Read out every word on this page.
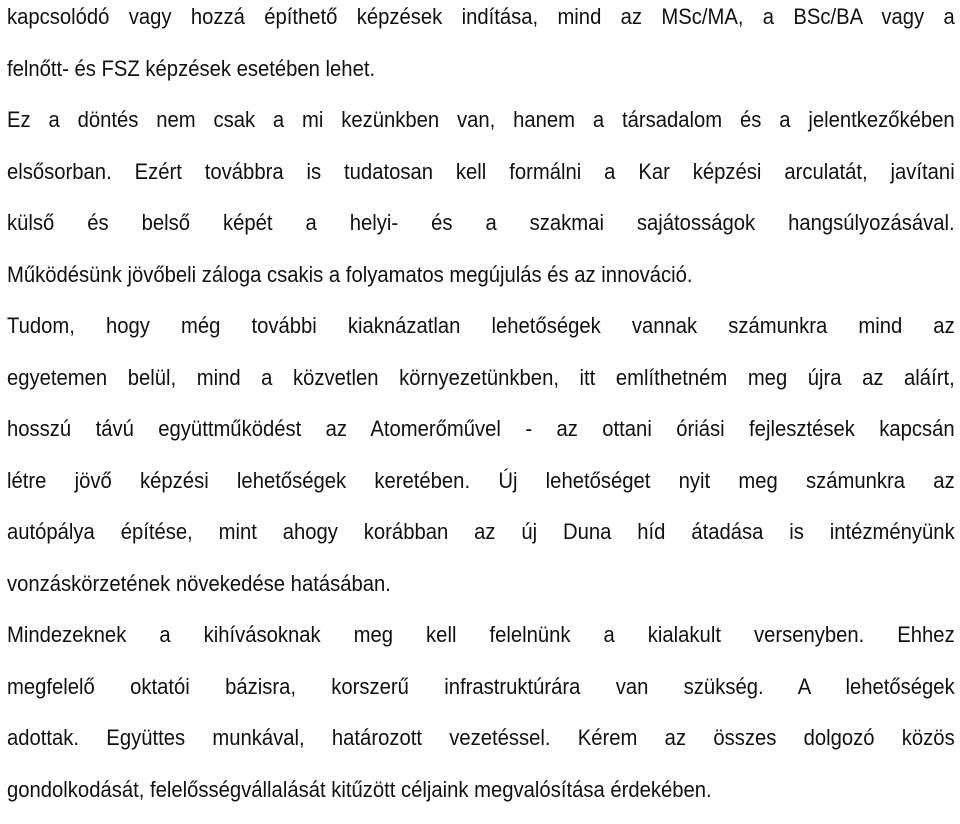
kapcsolódó vagy hozzá építhető képzések indítása, mind az MSc/MA, a BSc/BA vagy a
felnőtt- és FSZ képzések esetében lehet.
Ez a döntés nem csak a mi kezünkben van, hanem a társadalom és a jelentkezőkében
elsősorban. Ezért továbbra is tudatosan kell formálni a Kar képzési arculatát, javítani
külső és belső képét a helyi- és a szakmai sajátosságok hangsúlyozásával.
Működésünk jövőbeli záloga csakis a folyamatos megújulás és az innováció.
Tudom, hogy még további kiaknázatlan lehetőségek vannak számunkra mind az
egyetemen belül, mind a közvetlen környezetünkben, itt említhetném meg újra az aláírt,
hosszú távú együttműködést az Atomerőművel - az ottani óriási fejlesztések kapcsán
létre jövő képzési lehetőségek keretében. Új lehetőséget nyit meg számunkra az
autópálya építése, mint ahogy korábban az új Duna híd átadása is intézményünk
vonzáskörzetének növekedése hatásában.
Mindezeknek a kihívásoknak meg kell felelnünk a kialakult versenyben. Ehhez
megfelelő oktatói bázisra, korszerű infrastruktúrára van szükség. A lehetőségek
adottak. Együttes munkával, határozott vezetéssel. Kérem az összes dolgozó közös
gondolkodását, felelősségvállalását kitűzött céljaink megvalósítása érdekében.
